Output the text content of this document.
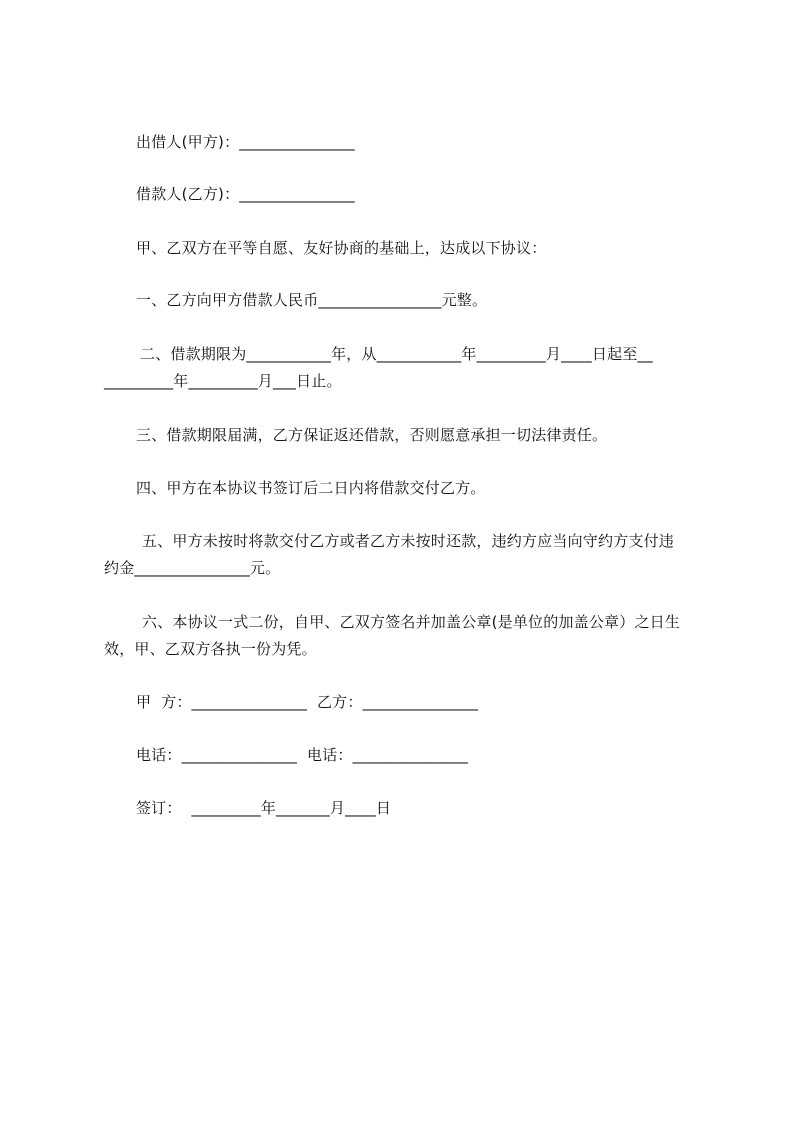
出借人(甲方)：_______________
借款人(乙方)：_______________
甲、乙双方在平等自愿、友好协商的基础上，达成以下协议：
一、乙方向甲方借款人民币________________元整。
二、借款期限为___________年，从___________年_________月____日起至__
_________年_________月___日止。
三、借款期限届满，乙方保证返还借款，否则愿意承担一切法律责任。
四、甲方在本协议书签订后二日内将借款交付乙方。
五、甲方未按时将款交付乙方或者乙方未按时还款，违约方应当向守约方支付违
约金_______________元。
六、本协议一式二份，自甲、乙双方签名并加盖公章(是单位的加盖公章）之日生
效，甲、乙双方各执一份为凭。
甲  方：_______________  乙方：_______________
电话：_______________  电话：_______________
签订：  _________年_______月____日
